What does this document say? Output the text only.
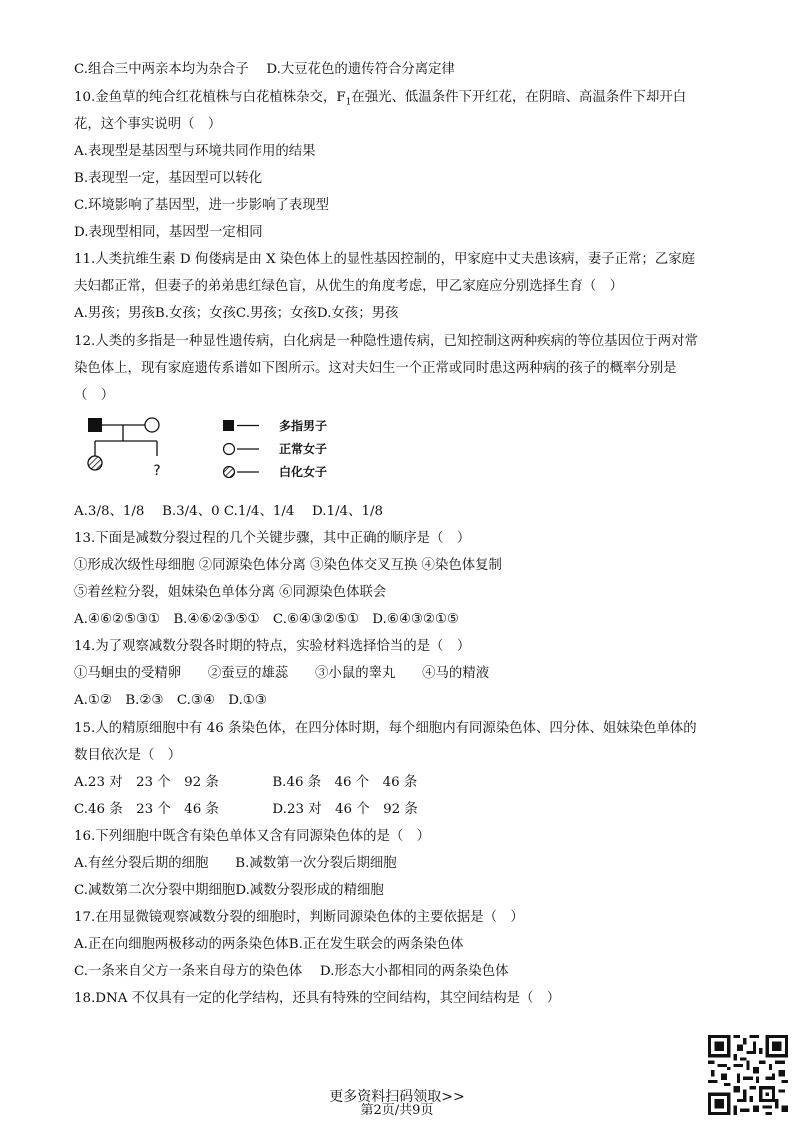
C.组合三中两亲本均为杂合子　 D.大豆花色的遗传符合分离定律
10.金鱼草的纯合红花植株与白花植株杂交，$F_1$在强光、低温条件下开红花，在阴暗、高温条件下却开白
花，这个事实说明（　）
A.表现型是基因型与环境共同作用的结果
B.表现型一定，基因型可以转化
C.环境影响了基因型，进一步影响了表现型
D.表现型相同，基因型一定相同
11.人类抗维生素 D 佝偻病是由 X 染色体上的显性基因控制的，甲家庭中丈夫患该病，妻子正常；乙家庭
夫妇都正常，但妻子的弟弟患红绿色盲，从优生的角度考虑，甲乙家庭应分别选择生育（　）
A.男孩；男孩B.女孩；女孩C.男孩；女孩D.女孩；男孩
12.人类的多指是一种显性遗传病，白化病是一种隐性遗传病，已知控制这两种疾病的等位基因位于两对常
染色体上，现有家庭遗传系谱如下图所示。这对夫妇生一个正常或同时患这两种病的孩子的概率分别是
（　）
?
多指男子
正常女子
白化女子
A.3/8、1/8　 B.3/4、0 C.1/4、1/4　 D.1/4、1/8
13.下面是减数分裂过程的几个关键步骤，其中正确的顺序是（　）
①形成次级性母细胞 ②同源染色体分离 ③染色体交叉互换 ④染色体复制
⑤着丝粒分裂，姐妹染色单体分离 ⑥同源染色体联会
A.④⑥②⑤③①　B.④⑥②③⑤①　C.⑥④③②⑤①　D.⑥④③②①⑤
14.为了观察减数分裂各时期的特点，实验材料选择恰当的是（　）
①马蛔虫的受精卵　　②蚕豆的雄蕊　　③小鼠的睾丸　　④马的精液
A.①②　B.②③　C.③④　D.①③
15.人的精原细胞中有 46 条染色体，在四分体时期，每个细胞内有同源染色体、四分体、姐妹染色单体的
数目依次是（　）
A.23 对　23 个　92 条　　　　B.46 条　46 个　46 条
C.46 条　23 个　46 条　　　　D.23 对　46 个　92 条
16.下列细胞中既含有染色单体又含有同源染色体的是（　）
A.有丝分裂后期的细胞　　B.减数第一次分裂后期细胞
C.减数第二次分裂中期细胞D.减数分裂形成的精细胞
17.在用显微镜观察减数分裂的细胞时，判断同源染色体的主要依据是（　）
A.正在向细胞两极移动的两条染色体B.正在发生联会的两条染色体
C.一条来自父方一条来自母方的染色体　 D.形态大小都相同的两条染色体
18.DNA 不仅具有一定的化学结构，还具有特殊的空间结构，其空间结构是（　）
更多资料扫码领取>>
第2页/共9页
